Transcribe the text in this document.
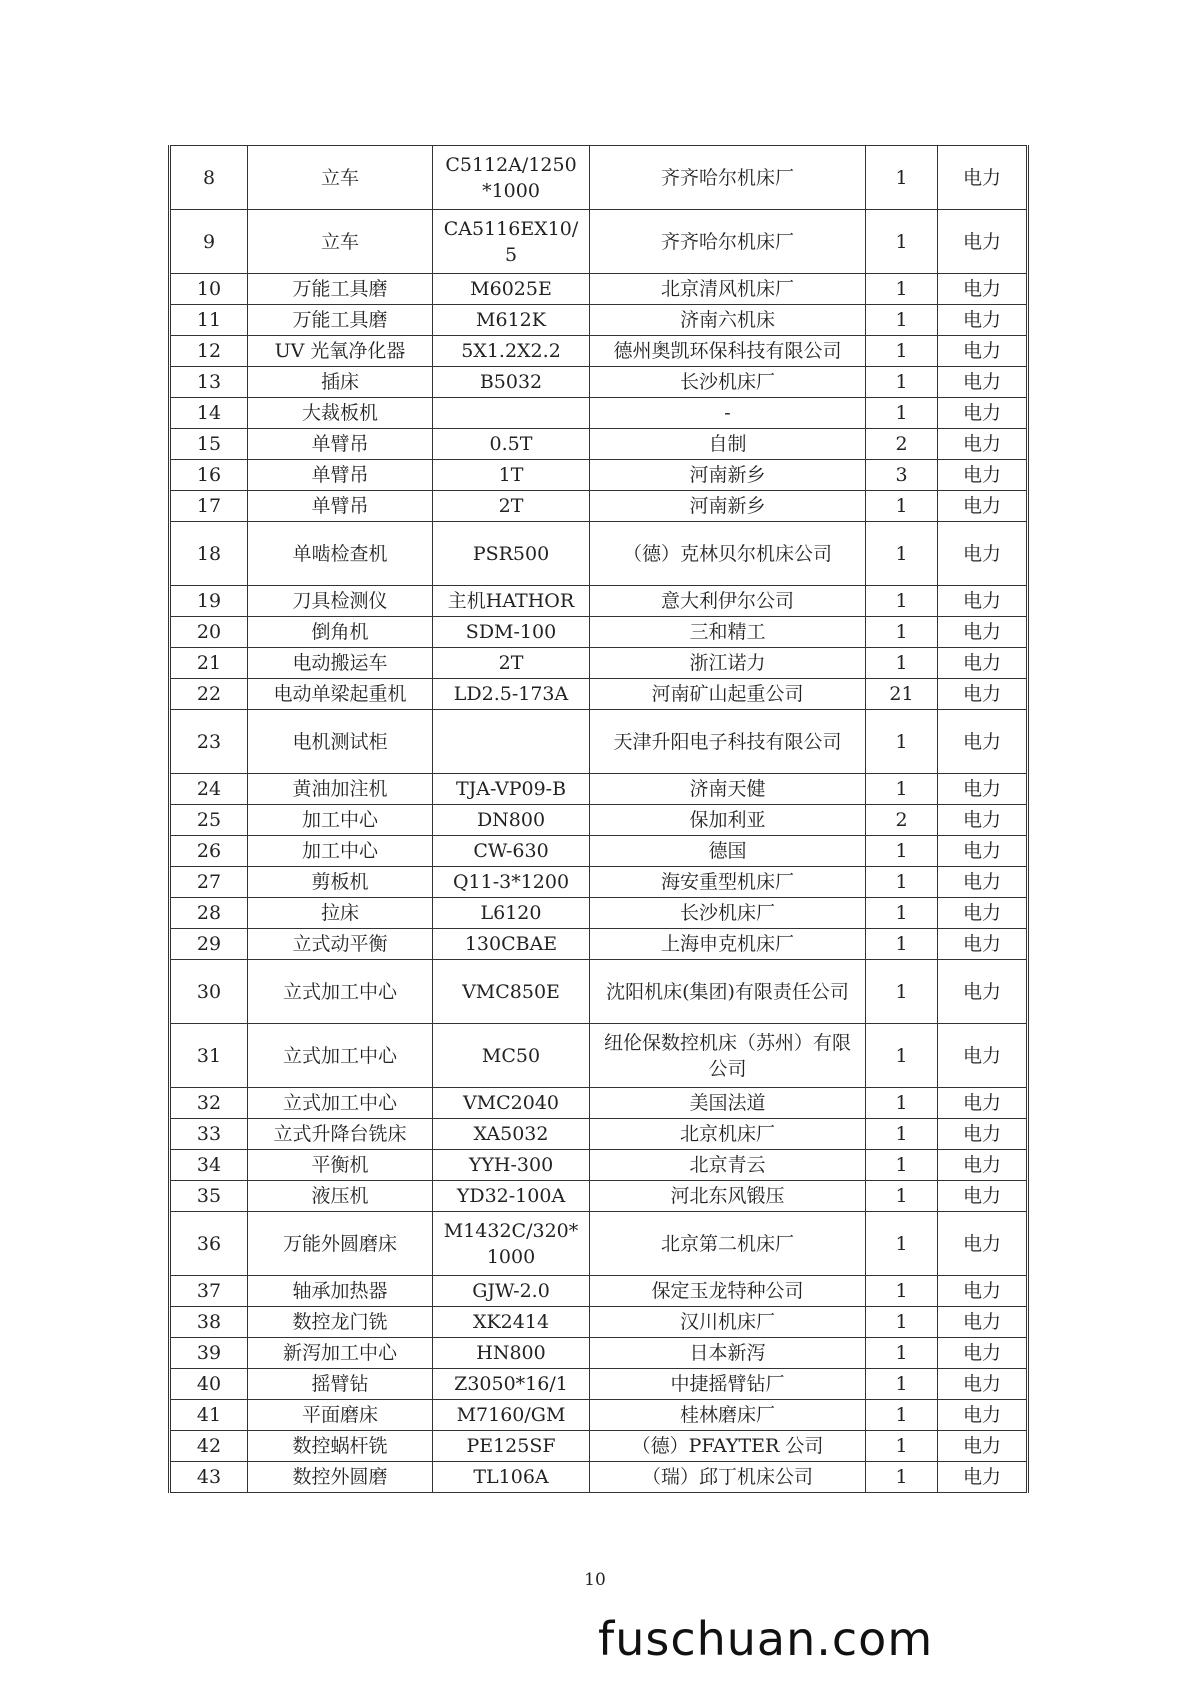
8	立车	C5112A/1250*1000	齐齐哈尔机床厂	1	电力
9	立车	CA5116EX10/5	齐齐哈尔机床厂	1	电力
10	万能工具磨	M6025E	北京清风机床厂	1	电力
11	万能工具磨	M612K	济南六机床	1	电力
12	UV 光氧净化器	5X1.2X2.2	德州奥凯环保科技有限公司	1	电力
13	插床	B5032	长沙机床厂	1	电力
14	大裁板机		-	1	电力
15	单臂吊	0.5T	自制	2	电力
16	单臂吊	1T	河南新乡	3	电力
17	单臂吊	2T	河南新乡	1	电力
18	单啮检查机	PSR500	（德）克林贝尔机床公司	1	电力
19	刀具检测仪	主机HATHOR	意大利伊尔公司	1	电力
20	倒角机	SDM-100	三和精工	1	电力
21	电动搬运车	2T	浙江诺力	1	电力
22	电动单梁起重机	LD2.5-173A	河南矿山起重公司	21	电力
23	电机测试柜		天津升阳电子科技有限公司	1	电力
24	黄油加注机	TJA-VP09-B	济南天健	1	电力
25	加工中心	DN800	保加利亚	2	电力
26	加工中心	CW-630	德国	1	电力
27	剪板机	Q11-3*1200	海安重型机床厂	1	电力
28	拉床	L6120	长沙机床厂	1	电力
29	立式动平衡	130CBAE	上海申克机床厂	1	电力
30	立式加工中心	VMC850E	沈阳机床(集团)有限责任公司	1	电力
31	立式加工中心	MC50	纽伦保数控机床（苏州）有限公司	1	电力
32	立式加工中心	VMC2040	美国法道	1	电力
33	立式升降台铣床	XA5032	北京机床厂	1	电力
34	平衡机	YYH-300	北京青云	1	电力
35	液压机	YD32-100A	河北东风锻压	1	电力
36	万能外圆磨床	M1432C/320*1000	北京第二机床厂	1	电力
37	轴承加热器	GJW-2.0	保定玉龙特种公司	1	电力
38	数控龙门铣	XK2414	汉川机床厂	1	电力
39	新泻加工中心	HN800	日本新泻	1	电力
40	摇臂钻	Z3050*16/1	中捷摇臂钻厂	1	电力
41	平面磨床	M7160/GM	桂林磨床厂	1	电力
42	数控蜗杆铣	PE125SF	（德）PFAYTER 公司	1	电力
43	数控外圆磨	TL106A	（瑞）邱丁机床公司	1	电力
10
fuschuan.com
